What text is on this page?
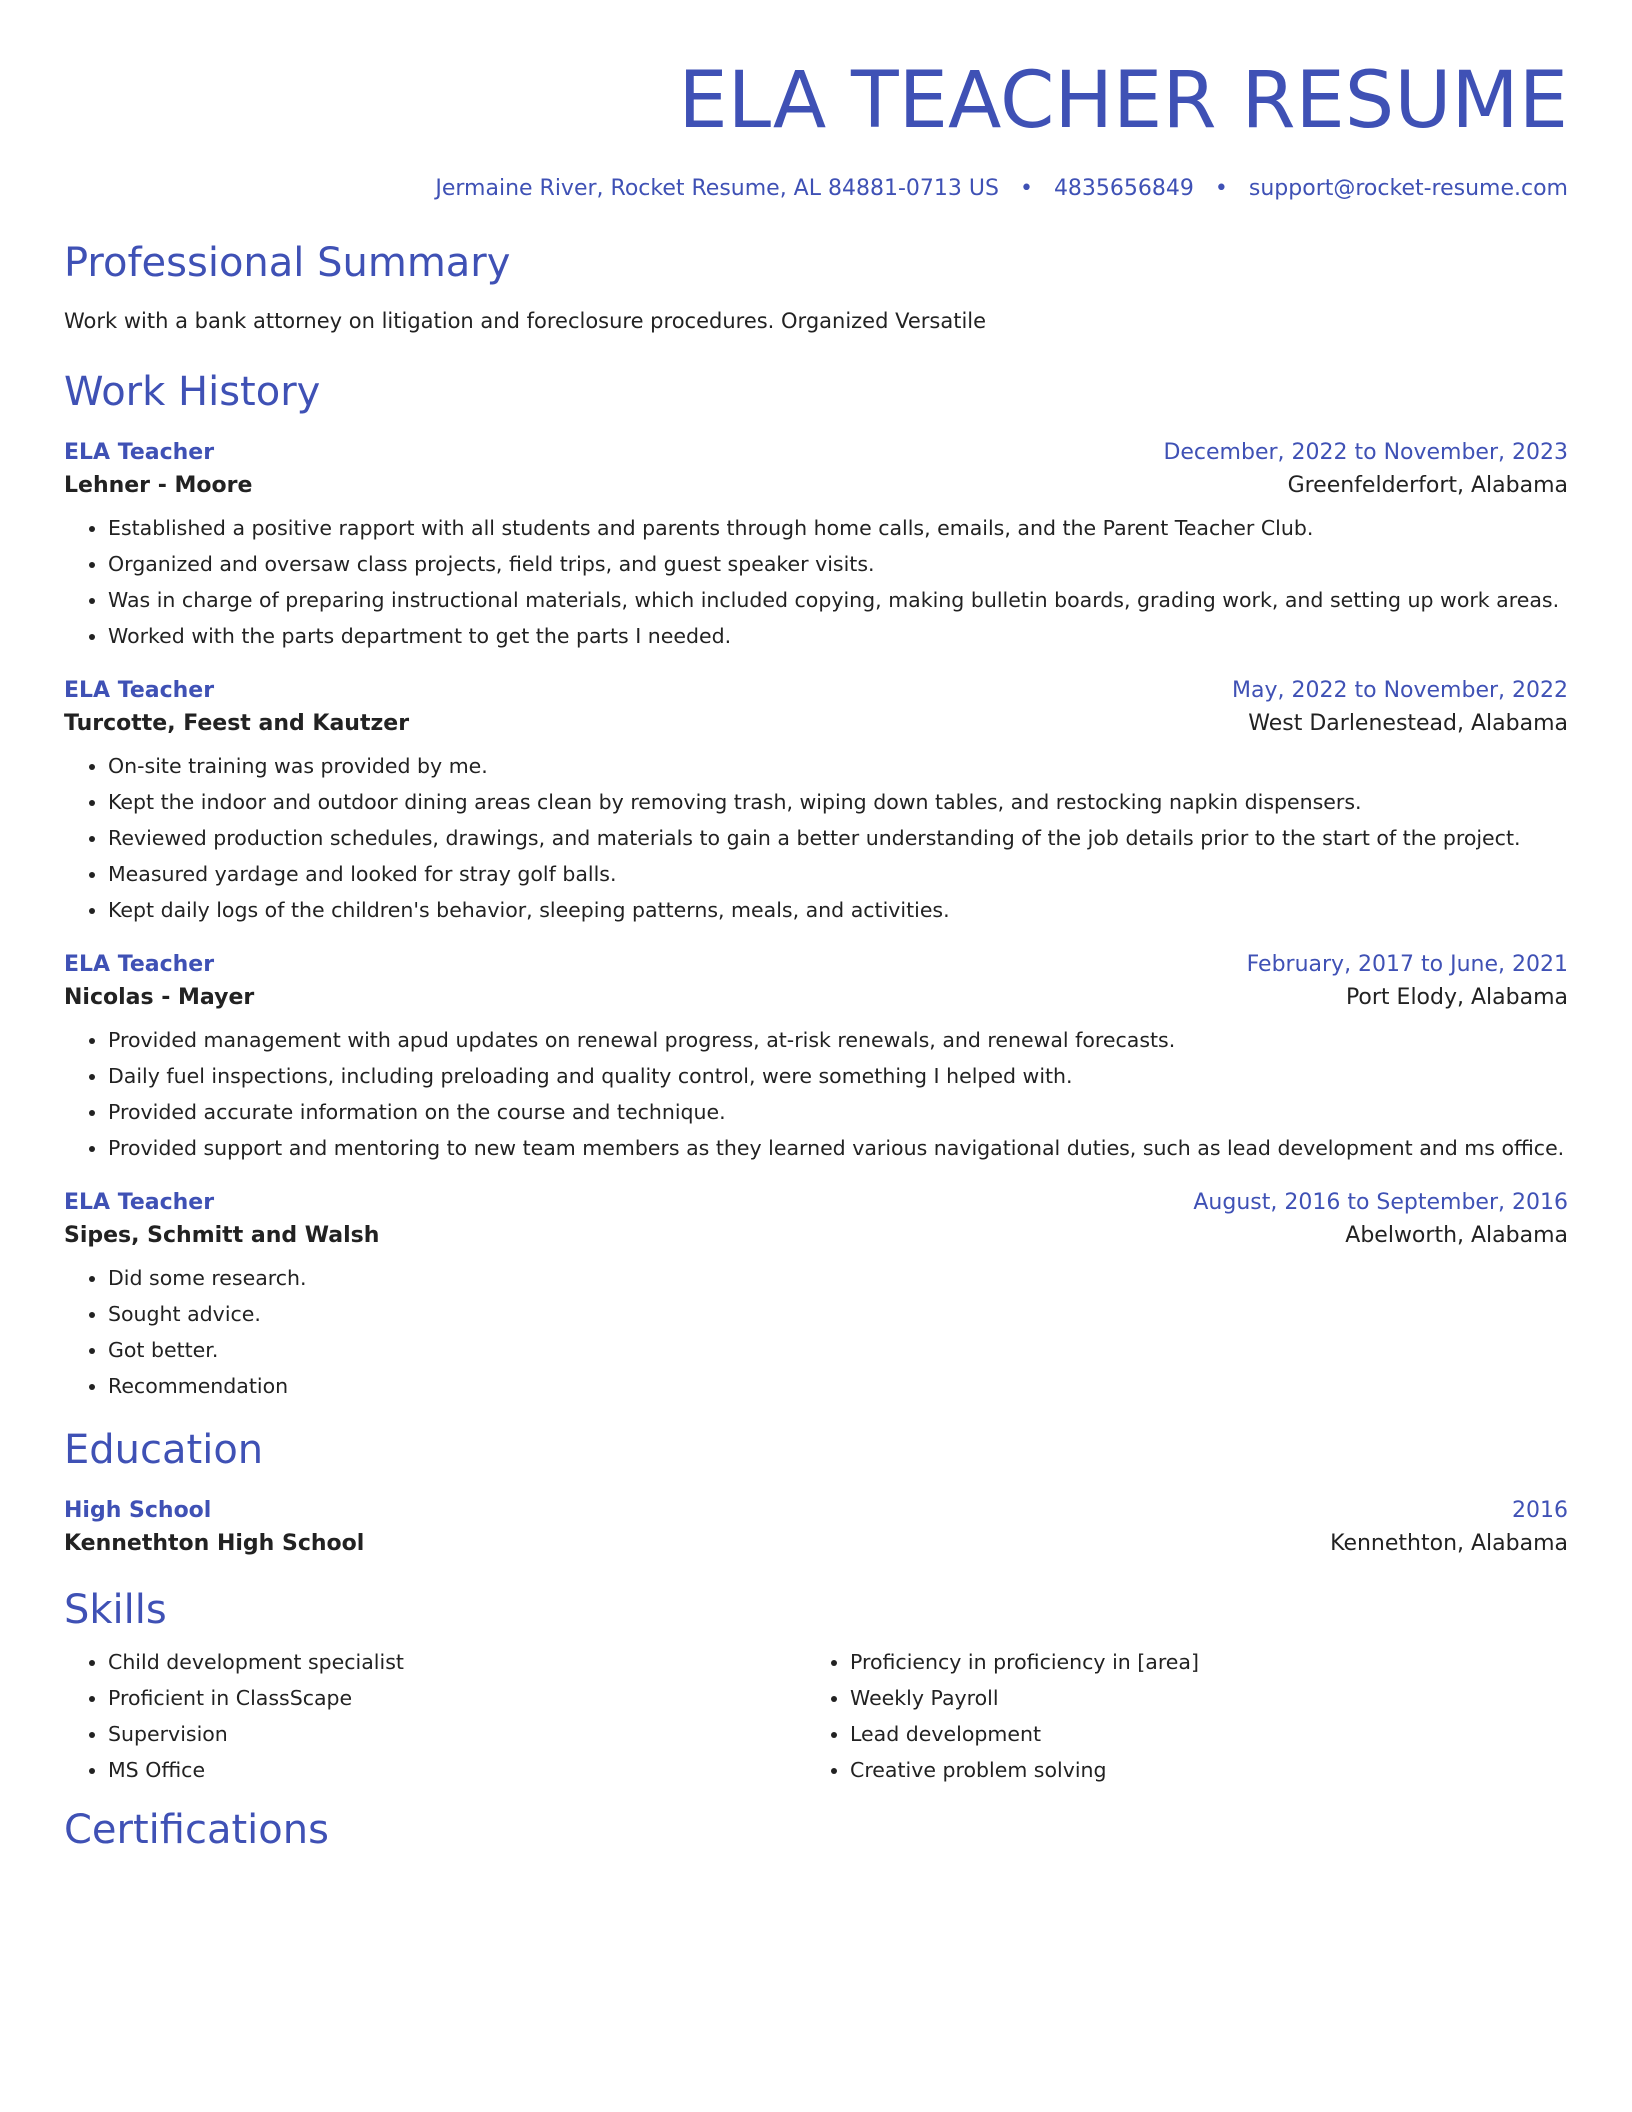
ELA TEACHER RESUME
Jermaine River, Rocket Resume, AL 84881-0713 US • 4835656849 • support@rocket-resume.com
Professional Summary
Work with a bank attorney on litigation and foreclosure procedures. Organized Versatile
Work History
ELA Teacher	December, 2022 to November, 2023
Lehner - Moore	Greenfelderfort, Alabama
• Established a positive rapport with all students and parents through home calls, emails, and the Parent Teacher Club.
• Organized and oversaw class projects, field trips, and guest speaker visits.
• Was in charge of preparing instructional materials, which included copying, making bulletin boards, grading work, and setting up work areas.
• Worked with the parts department to get the parts I needed.
ELA Teacher	May, 2022 to November, 2022
Turcotte, Feest and Kautzer	West Darlenestead, Alabama
• On-site training was provided by me.
• Kept the indoor and outdoor dining areas clean by removing trash, wiping down tables, and restocking napkin dispensers.
• Reviewed production schedules, drawings, and materials to gain a better understanding of the job details prior to the start of the project.
• Measured yardage and looked for stray golf balls.
• Kept daily logs of the children's behavior, sleeping patterns, meals, and activities.
ELA Teacher	February, 2017 to June, 2021
Nicolas - Mayer	Port Elody, Alabama
• Provided management with apud updates on renewal progress, at-risk renewals, and renewal forecasts.
• Daily fuel inspections, including preloading and quality control, were something I helped with.
• Provided accurate information on the course and technique.
• Provided support and mentoring to new team members as they learned various navigational duties, such as lead development and ms office.
ELA Teacher	August, 2016 to September, 2016
Sipes, Schmitt and Walsh	Abelworth, Alabama
• Did some research.
• Sought advice.
• Got better.
• Recommendation
Education
High School	2016
Kennethton High School	Kennethton, Alabama
Skills
• Child development specialist
• Proficient in ClassScape
• Supervision
• MS Office
• Proficiency in proficiency in [area]
• Weekly Payroll
• Lead development
• Creative problem solving
Certifications
